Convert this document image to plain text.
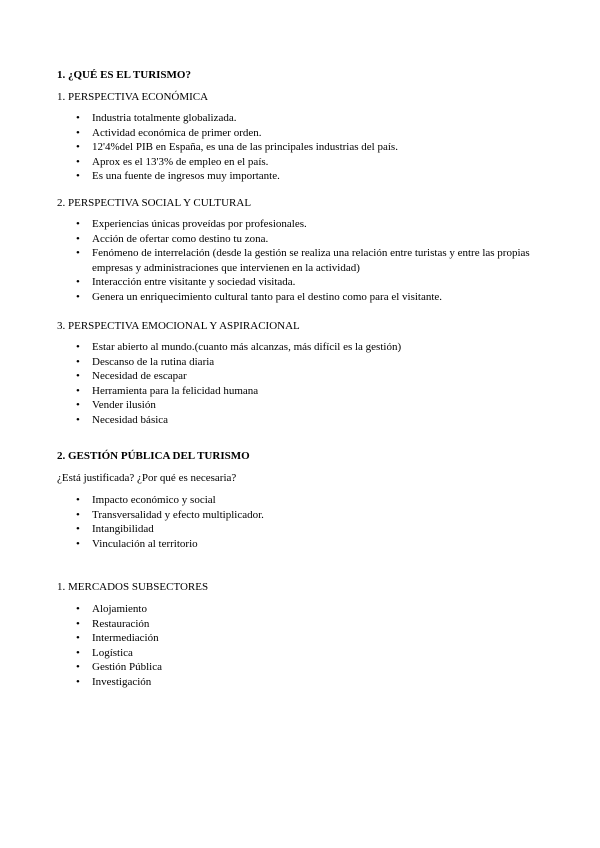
1. ¿QUÉ ES EL TURISMO?
1. PERSPECTIVA ECONÓMICA
• Industria totalmente globalizada.
• Actividad económica de primer orden.
• 12'4%del PIB en España, es una de las principales industrias del país.
• Aprox es el 13'3% de empleo en el país.
• Es una fuente de ingresos muy importante.
2. PERSPECTIVA SOCIAL Y CULTURAL
• Experiencias únicas proveídas por profesionales.
• Acción de ofertar como destino tu zona.
• Fenómeno de interrelación (desde la gestión se realiza una relación entre turistas y entre las propias empresas y administraciones que intervienen en la actividad)
• Interacción entre visitante y sociedad visitada.
• Genera un enriquecimiento cultural tanto para el destino como para el visitante.
3. PERSPECTIVA EMOCIONAL Y ASPIRACIONAL
• Estar abierto al mundo.(cuanto más alcanzas, más difícil es la gestión)
• Descanso de la rutina diaria
• Necesidad de escapar
• Herramienta para la felicidad humana
• Vender ilusión
• Necesidad básica
2. GESTIÓN PÚBLICA DEL TURISMO

¿Está justificada? ¿Por qué es necesaria?

• Impacto económico y social
• Transversalidad y efecto multiplicador.
• Intangibilidad
• Vinculación al territorio
1. MERCADOS SUBSECTORES
• Alojamiento
• Restauración
• Intermediación
• Logística
• Gestión Pública
• Investigación
